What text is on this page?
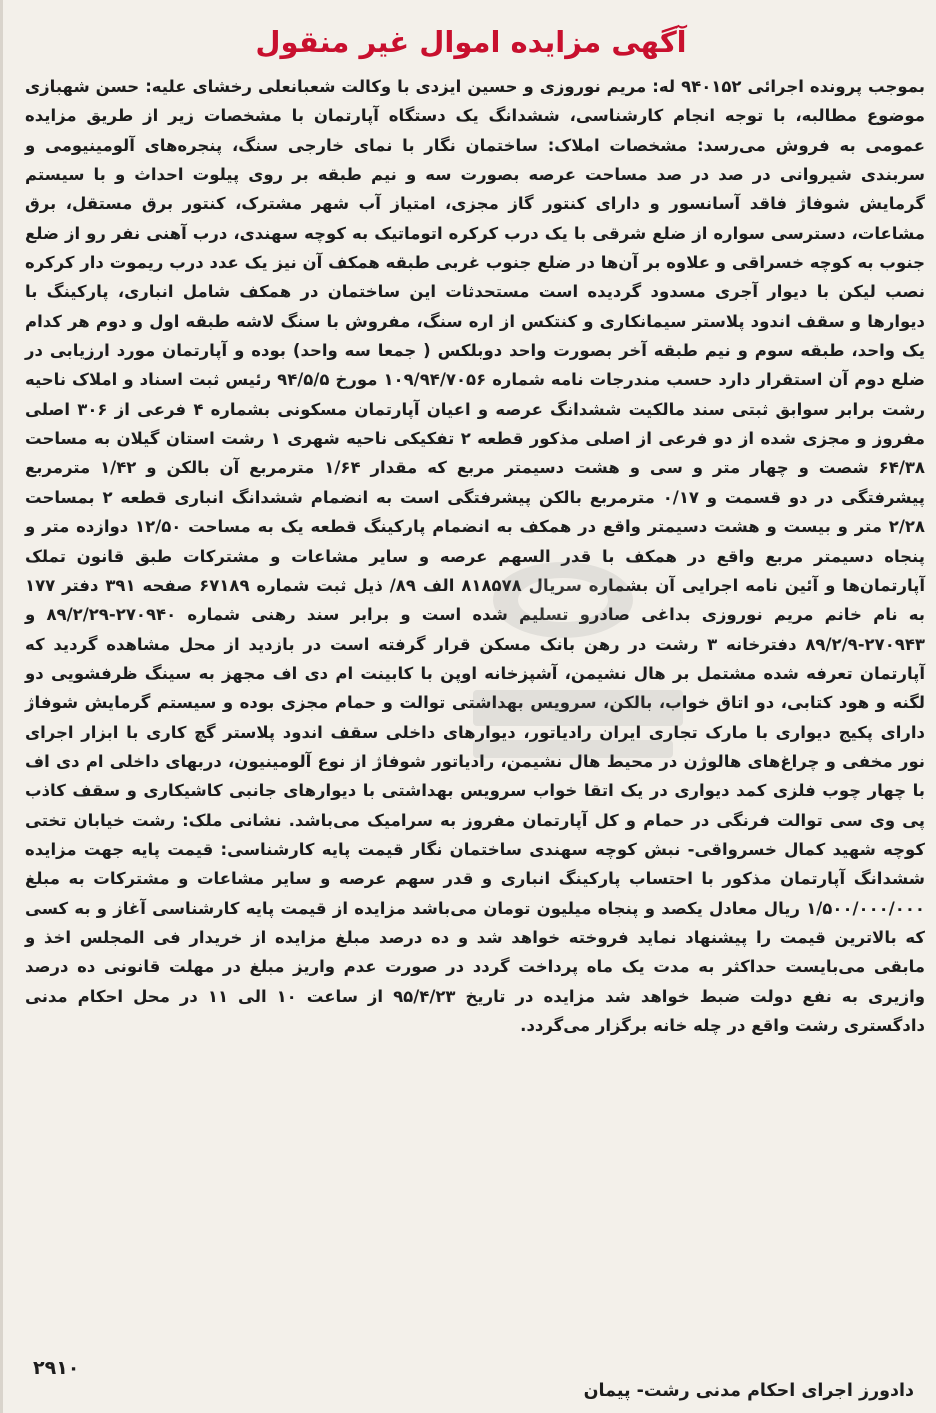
آگهی مزایده اموال غیر منقول
بموجب پرونده اجرائی ۹۴۰۱۵۲ له: مریم نوروزی و حسین ایزدی با وکالت شعبانعلی رخشای علیه: حسن شهبازی موضوع مطالبه، با توجه انجام کارشناسی، ششدانگ یک دستگاه آپارتمان با مشخصات زیر از طریق مزایده عمومی به فروش می‌رسد: مشخصات املاک: ساختمان نگار با نمای خارجی سنگ، پنجره‌های آلومینیومی و سربندی شیروانی در صد در صد مساحت عرصه بصورت سه و نیم طبقه بر روی پیلوت احداث و با سیستم گرمایش شوفاژ فاقد آسانسور و دارای کنتور گاز مجزی، امتیاز آب شهر مشترک، کنتور برق مستقل، برق مشاعات، دسترسی سواره از ضلع شرقی با یک درب کرکره اتوماتیک به کوچه سهندی، درب آهنی نفر رو از ضلع جنوب به کوچه خسراقی و علاوه بر آن‌ها در ضلع جنوب غربی طبقه همکف آن نیز یک عدد درب ریموت دار کرکره نصب لیکن با دیوار آجری مسدود گردیده است مستحدثات این ساختمان در همکف شامل انباری، پارکینگ با دیوارها و سقف اندود پلاستر سیمانکاری و کنتکس از اره سنگ، مفروش با سنگ لاشه طبقه اول و دوم هر کدام یک واحد، طبقه سوم و نیم طبقه آخر بصورت واحد دوبلکس ( جمعا سه واحد) بوده و آپارتمان مورد ارزیابی در ضلع دوم آن استقرار دارد حسب مندرجات نامه شماره ۱۰۹/۹۴/۷۰۵۶ مورخ ۹۴/۵/۵ رئیس ثبت اسناد و املاک ناحیه رشت برابر سوابق ثبتی سند مالکیت ششدانگ عرصه و اعیان آپارتمان مسکونی بشماره ۴ فرعی از ۳۰۶ اصلی مفروز و مجزی شده از دو فرعی از اصلی مذکور قطعه ۲ تفکیکی ناحیه شهری ۱ رشت استان گیلان به مساحت ۶۴/۳۸ شصت و چهار متر و سی و هشت دسیمتر مربع که مقدار ۱/۶۴ مترمربع آن بالکن و ۱/۴۲ مترمربع پیشرفتگی در دو قسمت و ۰/۱۷ مترمربع بالکن پیشرفتگی است به انضمام ششدانگ انباری قطعه ۲ بمساحت ۲/۲۸ متر و بیست و هشت دسیمتر واقع در همکف به انضمام پارکینگ قطعه یک به مساحت ۱۲/۵۰ دوازده متر و پنجاه دسیمتر مربع واقع در همکف با قدر السهم عرصه و سایر مشاعات و مشترکات طبق قانون تملک آپارتمان‌ها و آئین نامه اجرایی آن بشماره سریال ۸۱۸۵۷۸ الف ۸۹/ ذیل ثبت شماره ۶۷۱۸۹ صفحه ۳۹۱ دفتر ۱۷۷ به نام خانم مریم نوروزی بداغی صادرو تسلیم شده است و برابر سند رهنی شماره ۲۷۰۹۴۰-۸۹/۲/۲۹ و ۲۷۰۹۴۳-۸۹/۲/۹ دفترخانه ۳ رشت در رهن بانک مسکن قرار گرفته است در بازدید از محل مشاهده گردید که آپارتمان تعرفه شده مشتمل بر هال نشیمن، آشپزخانه اوپن با کابینت ام دی اف مجهز به سینگ ظرفشویی دو لگنه و هود کتابی، دو اتاق خواب، بالکن، سرویس بهداشتی توالت و حمام مجزی بوده و سیستم گرمایش شوفاژ دارای پکیج دیواری با مارک تجاری ایران رادیاتور، دیوارهای داخلی سقف اندود پلاستر گچ کاری با ابزار اجرای نور مخفی و چراغ‌های هالوژن در محیط هال نشیمن، رادیاتور شوفاژ از نوع آلومینیون، دربهای داخلی ام دی اف با چهار چوب فلزی کمد دیواری در یک اتقا خواب سرویس بهداشتی با دیوارهای جانبی کاشیکاری و سقف کاذب پی وی سی توالت فرنگی در حمام و کل آپارتمان مفروز به سرامیک می‌باشد. نشانی ملک: رشت خیابان تختی کوچه شهید کمال خسرواقی- نبش کوچه سهندی ساختمان نگار قیمت پایه کارشناسی: قیمت پایه جهت مزایده ششدانگ آپارتمان مذکور با احتساب پارکینگ انباری و قدر سهم عرصه و سایر مشاعات و مشترکات به مبلغ ۱/۵۰۰/۰۰۰/۰۰۰ ریال معادل یکصد و پنجاه میلیون تومان می‌باشد مزایده از قیمت پایه کارشناسی آغاز و به کسی که بالاترین قیمت را پیشنهاد نماید فروخته خواهد شد و ده درصد مبلغ مزایده از خریدار فی المجلس اخذ و مابقی می‌بایست حداکثر به مدت یک ماه پرداخت گردد در صورت عدم واریز مبلغ در مهلت قانونی ده درصد وازیری به نفع دولت ضبط خواهد شد مزایده در تاریخ ۹۵/۴/۲۳ از ساعت ۱۰ الی ۱۱ در محل احکام مدنی دادگستری رشت واقع در چله خانه برگزار می‌گردد.
۲۹۱۰
دادورز اجرای احکام مدنی رشت- پیمان
